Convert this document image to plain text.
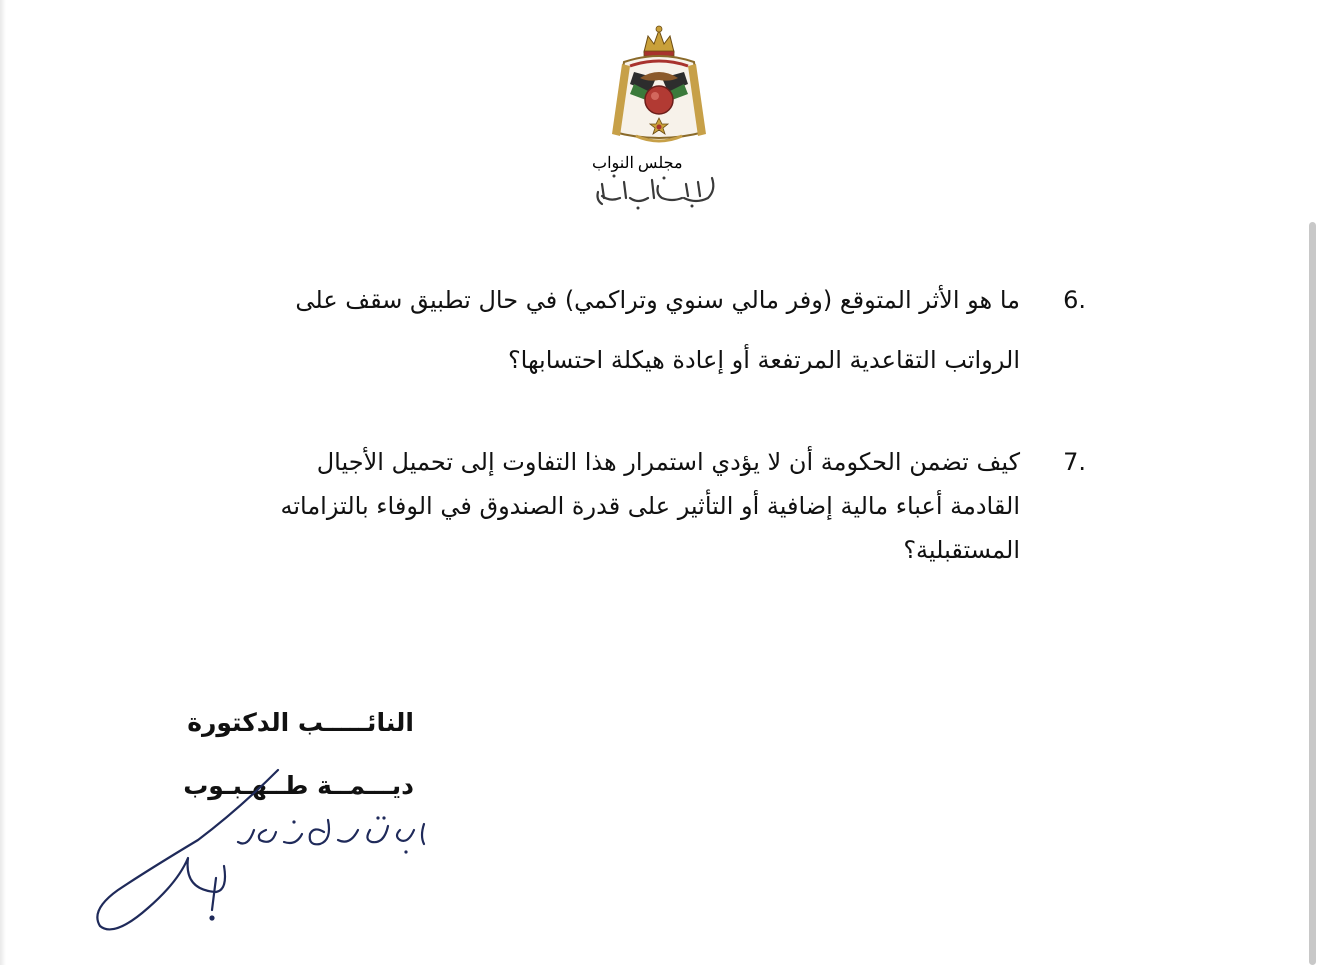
مجلس النواب
6.
ما هو الأثر المتوقع (وفر مالي سنوي وتراكمي) في حال تطبيق سقف على
الرواتب التقاعدية المرتفعة أو إعادة هيكلة احتسابها؟
7.
كيف تضمن الحكومة أن لا يؤدي استمرار هذا التفاوت إلى تحميل الأجيال
القادمة أعباء مالية إضافية أو التأثير على قدرة الصندوق في الوفاء بالتزاماته
المستقبلية؟
النائـــــب الدكتورة
ديـــمــة طــهـبـوب
